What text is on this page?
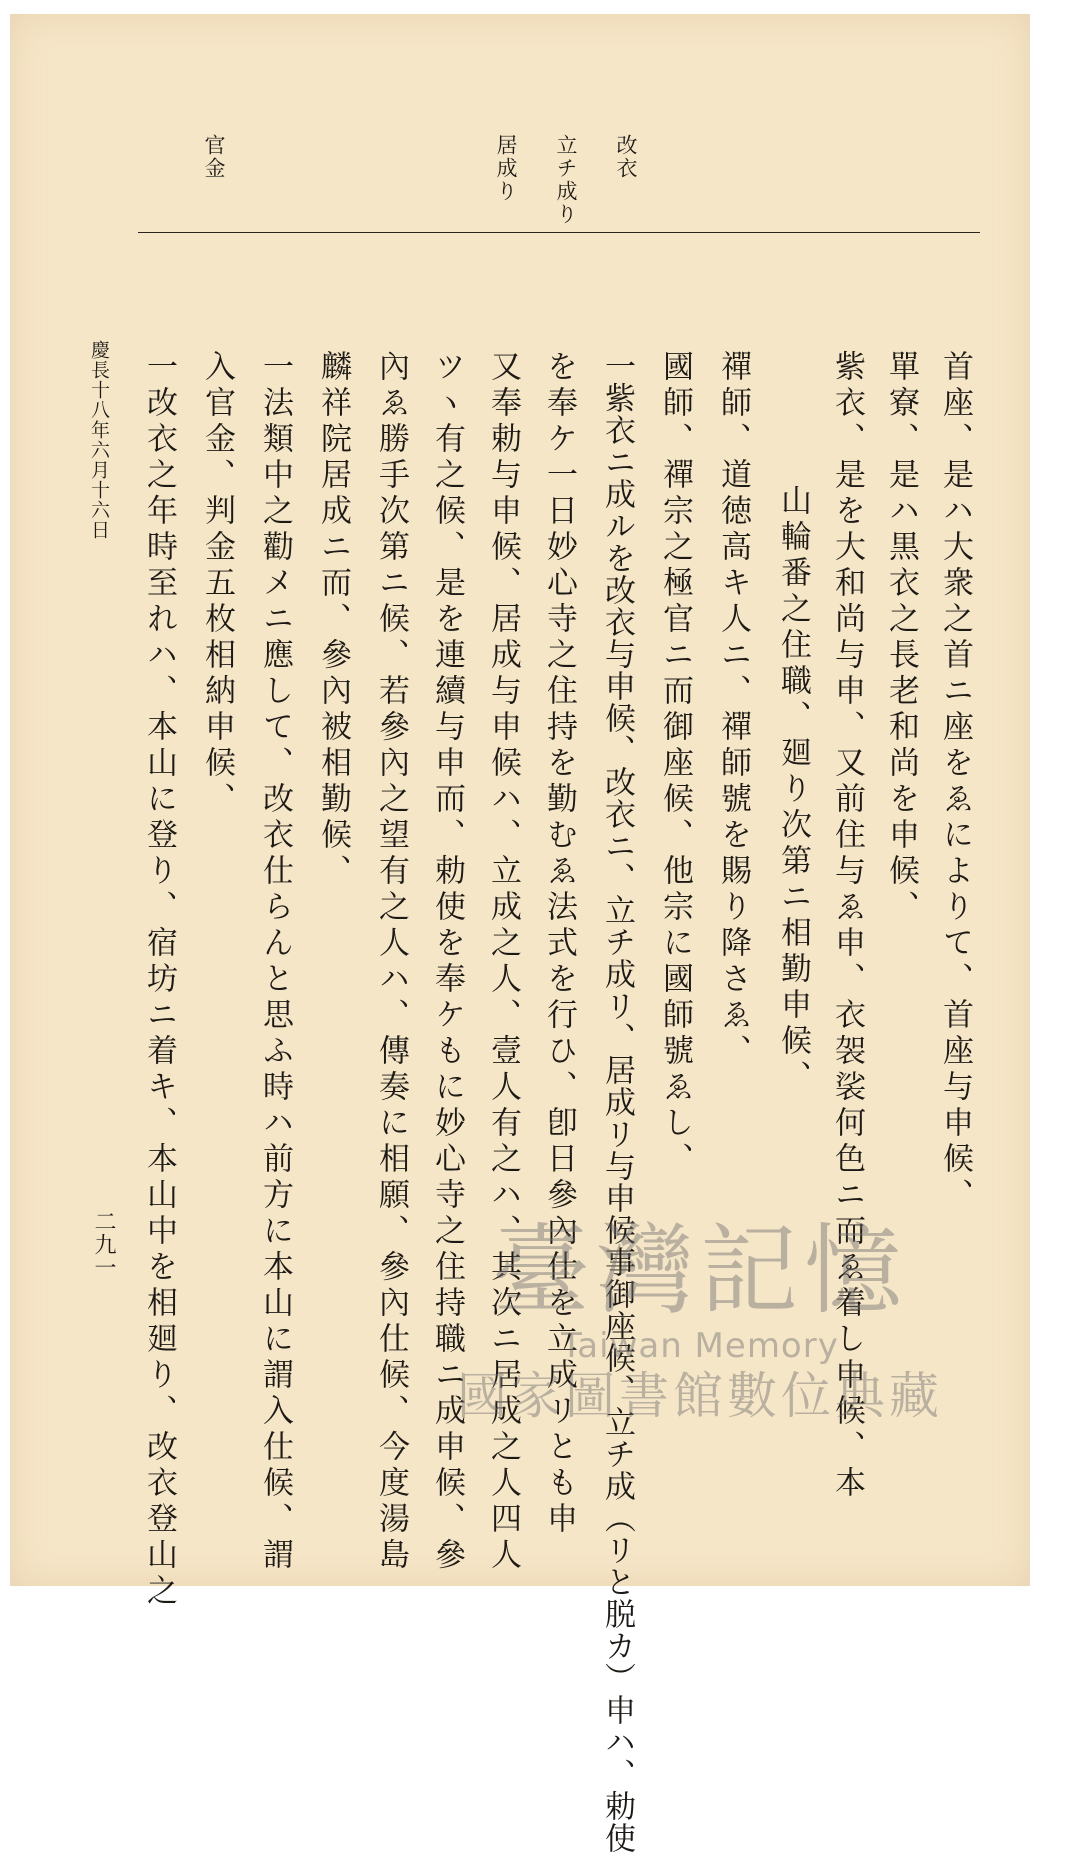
改衣
立チ成り
居成り
官金
首座、是ハ大衆之首ニ座をゑによりて、首座与申候、
單寮、是ハ黒衣之長老和尚を申候、
紫衣、是を大和尚与申、又前住与ゑ申、衣袈裟何色ニ而ゑ着し申候、本
山輪番之住職、廻り次第ニ相勤申候、
禪師、道徳高キ人ニ、禪師號を賜り降さゑ、
國師、禪宗之極官ニ而御座候、他宗に國師號ゑし、
一紫衣ニ成ルを改衣与申候、改衣ニ、立チ成リ、居成リ与申候事御座候、立チ成（リと脱カ）申ハ、勅使
を奉ケ一日妙心寺之住持を勤むゑ法式を行ひ、卽日參內仕を立成リとも申
又奉勅与申候、居成与申候ハ、立成之人、壹人有之ハ、其次ニ居成之人四人
ツヽ有之候、是を連續与申而、勅使を奉ケもに妙心寺之住持職ニ成申候、參
內ゑ勝手次第ニ候、若參內之望有之人ハ、傳奏に相願、參內仕候、今度湯島
麟祥院居成ニ而、參內被相勤候、
一法類中之勸メニ應して、改衣仕らんと思ふ時ハ前方に本山に謂入仕候、謂
入官金、判金五枚相納申候、
一改衣之年時至れハ、本山に登り、宿坊ニ着キ、本山中を相廻り、改衣登山之
慶長十八年六月十六日
二九一	臺灣記憶
Taiwan Memory
國家圖書館數位典藏
